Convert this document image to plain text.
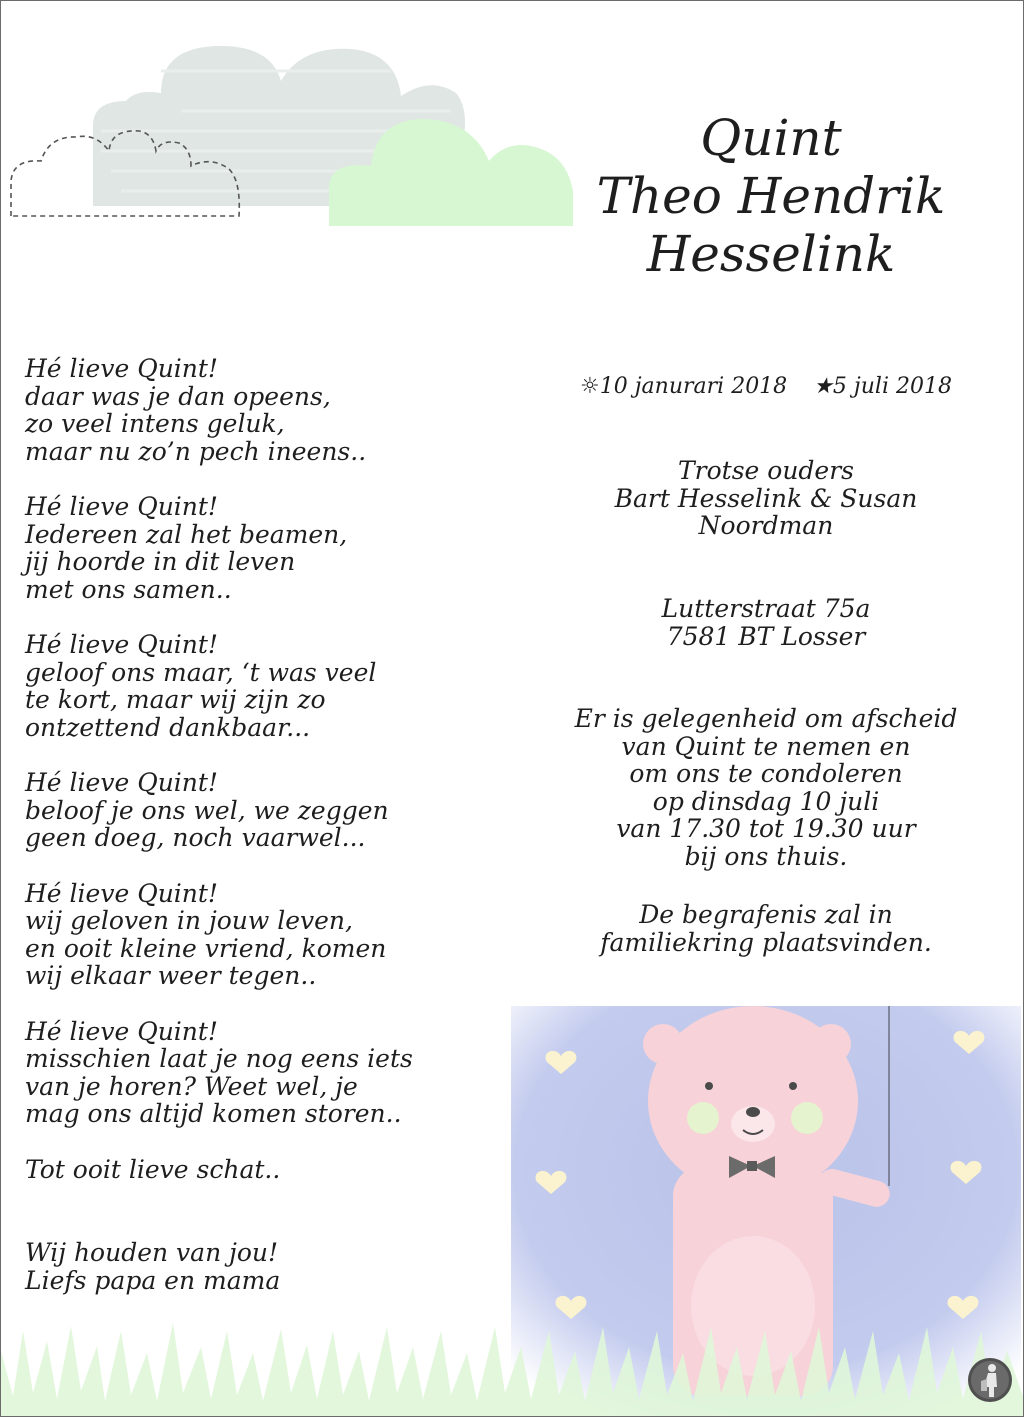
Quint
Theo Hendrik
Hesselink
Hé lieve Quint!
daar was je dan opeens,
zo veel intens geluk,
maar nu zo’n pech ineens..
Hé lieve Quint!
Iedereen zal het beamen,
jij hoorde in dit leven
met ons samen..
Hé lieve Quint!
geloof ons maar, ‘t was veel
te kort, maar wij zijn zo
ontzettend dankbaar...
Hé lieve Quint!
beloof je ons wel, we zeggen
geen doeg, noch vaarwel...
Hé lieve Quint!
wij geloven in jouw leven,
en ooit kleine vriend, komen
wij elkaar weer tegen..
Hé lieve Quint!
misschien laat je nog eens iets
van je horen? Weet wel, je
mag ons altijd komen storen..
Tot ooit lieve schat..
Wij houden van jou!
Liefs papa en mama
☼10 janurari 2018 ★5 juli 2018
Trotse ouders
Bart Hesselink & Susan
Noordman
Lutterstraat 75a
7581 BT Losser
Er is gelegenheid om afscheid
van Quint te nemen en
om ons te condoleren
op dinsdag 10 juli
van 17.30 tot 19.30 uur
bij ons thuis.
De begrafenis zal in
familiekring plaatsvinden.
